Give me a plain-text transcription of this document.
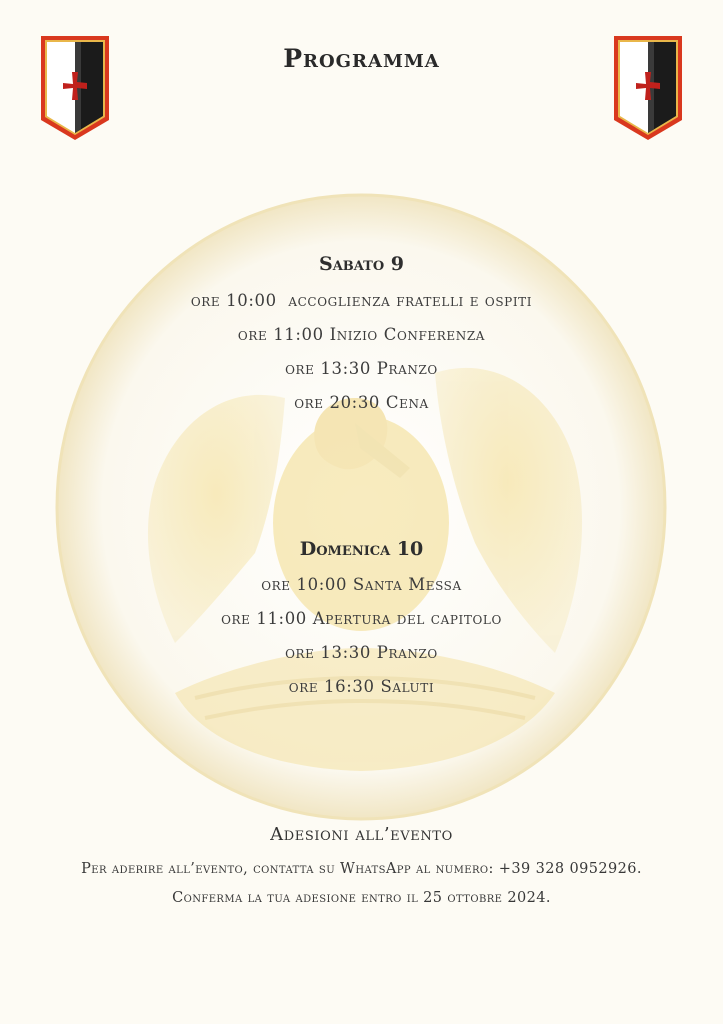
Programma
Sabato 9
ore 10:00  accoglienza fratelli e ospiti
ore 11:00 Inizio Conferenza
ore 13:30 Pranzo
ore 20:30 Cena
Domenica 10
ore 10:00 Santa Messa
ore 11:00 Apertura del capitolo
ore 13:30 Pranzo
ore 16:30 Saluti
Adesioni all’evento
Per aderire all’evento, contatta su WhatsApp al numero: +39 328 0952926.
Conferma la tua adesione entro il 25 ottobre 2024.
